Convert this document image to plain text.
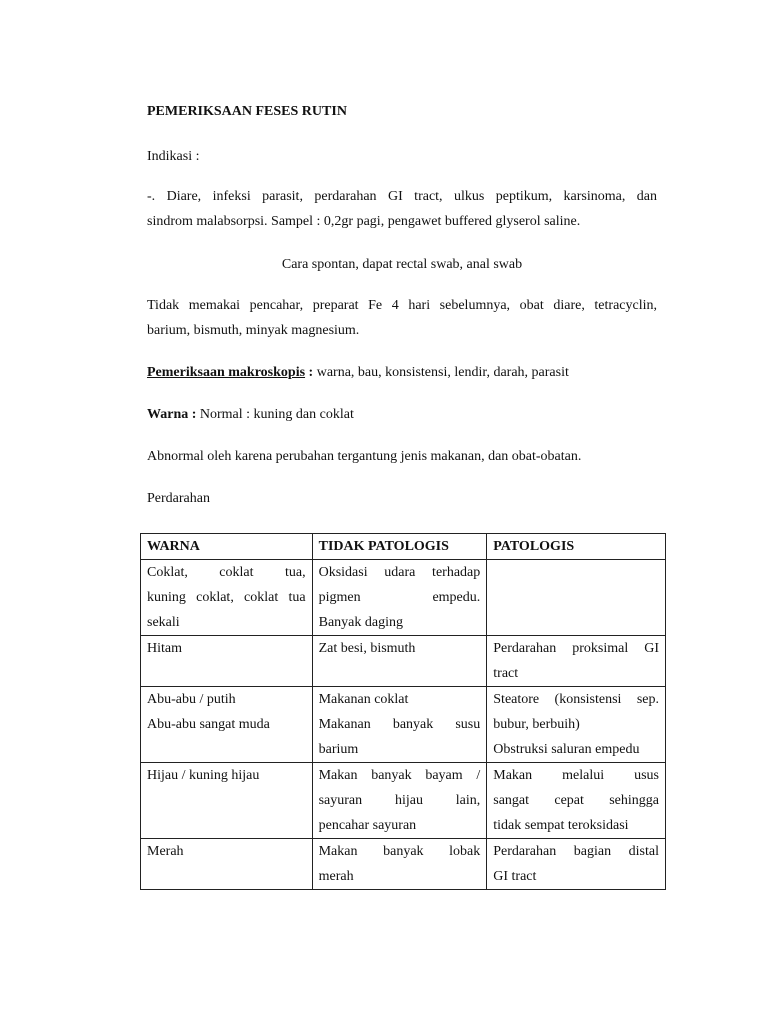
PEMERIKSAAN FESES RUTIN
Indikasi :
-. Diare, infeksi parasit, perdarahan GI tract, ulkus peptikum, karsinoma, dan
sindrom malabsorpsi. Sampel : 0,2gr pagi, pengawet buffered glyserol saline.
Cara spontan, dapat rectal swab, anal swab
Tidak memakai pencahar, preparat Fe 4 hari sebelumnya, obat diare, tetracyclin,
barium, bismuth, minyak magnesium.
Pemeriksaan makroskopis : warna, bau, konsistensi, lendir, darah, parasit
Warna : Normal : kuning dan coklat
Abnormal oleh karena perubahan tergantung jenis makanan, dan obat-obatan.
Perdarahan
WARNA	TIDAK PATOLOGIS	PATOLOGIS

Coklat, coklat tua,
kuning coklat, coklat tua
sekali	Oksidasi udara terhadap
pigmen empedu.
Banyak daging	

Hitam	Zat besi, bismuth	Perdarahan proksimal GI
tract

Abu-abu / putih
Abu-abu sangat muda	Makanan coklat
Makanan banyak susu
barium	Steatore (konsistensi sep.
bubur, berbuih)
Obstruksi saluran empedu

Hijau / kuning hijau	Makan banyak bayam /
sayuran hijau lain,
pencahar sayuran	Makan melalui usus
sangat cepat sehingga
tidak sempat teroksidasi

Merah	Makan banyak lobak
merah	Perdarahan bagian distal
GI tract
